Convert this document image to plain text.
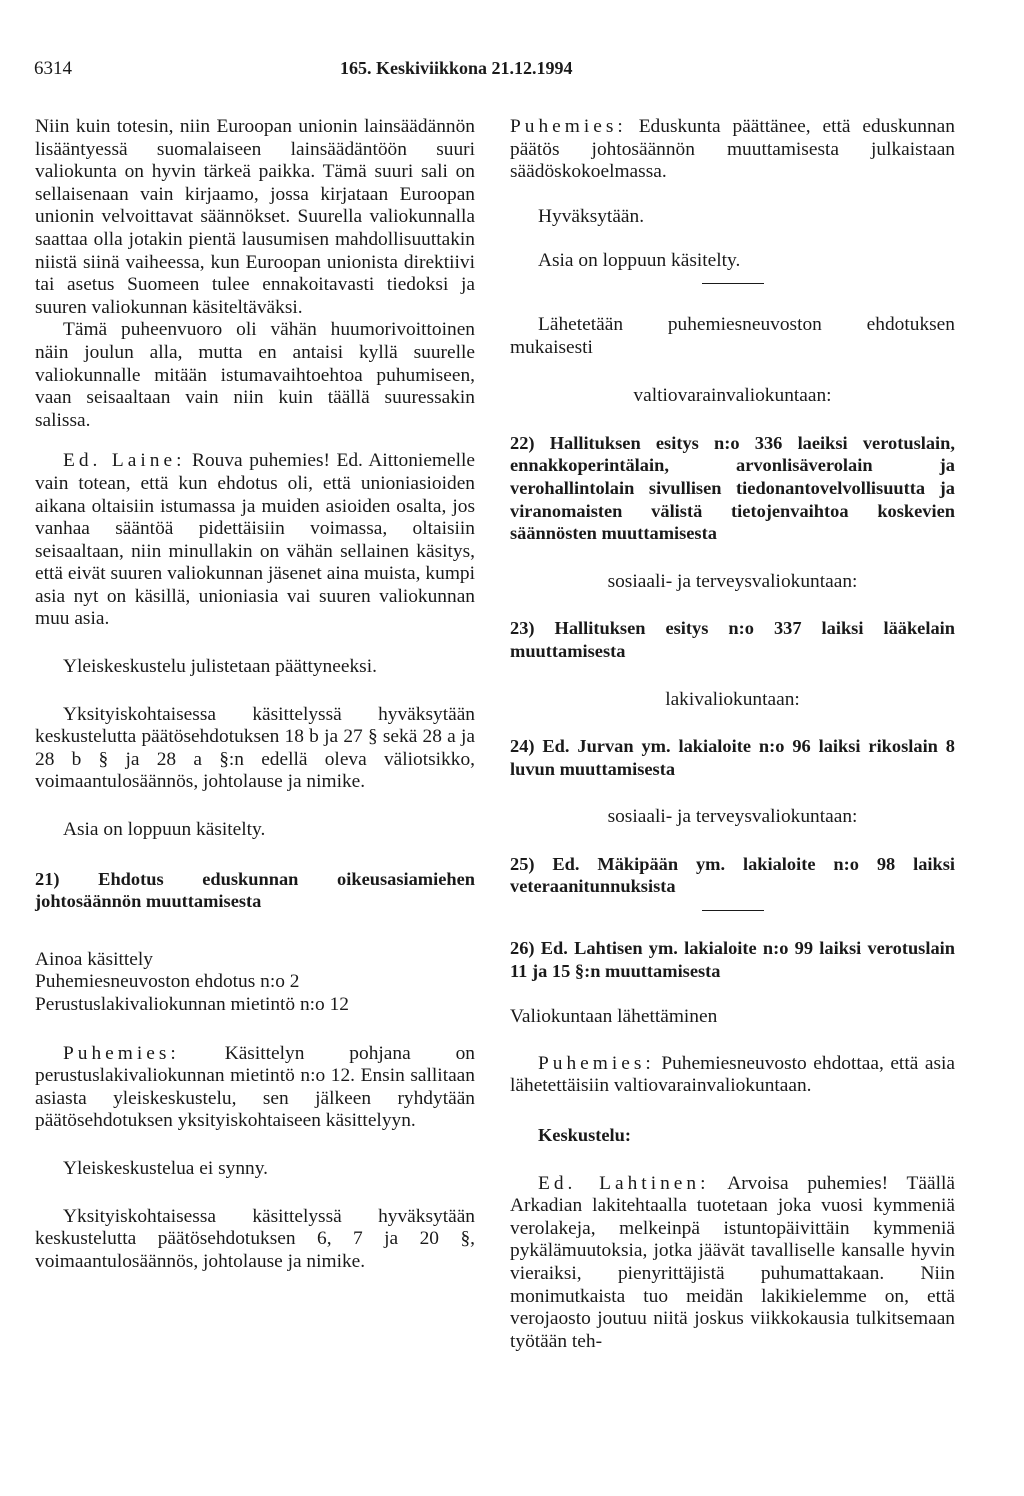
6314	165. Keskiviikkona 21.12.1994

Niin kuin totesin, niin Euroopan unionin lainsäädännön lisääntyessä suomalaiseen lainsäädäntöön suuri valiokunta on hyvin tärkeä paikka. Tämä suuri sali on sellaisenaan vain kirjaamo, jossa kirjataan Euroopan unionin velvoittavat säännökset. Suurella valiokunnalla saattaa olla jotakin pientä lausumisen mahdollisuuttakin niistä siinä vaiheessa, kun Euroopan unionista direktiivi tai asetus Suomeen tulee ennakoitavasti tiedoksi ja suuren valiokunnan käsiteltäväksi.

Tämä puheenvuoro oli vähän huumorivoittoinen näin joulun alla, mutta en antaisi kyllä suurelle valiokunnalle mitään istumavaihtoehtoa puhumiseen, vaan seisaaltaan vain niin kuin täällä suuressakin salissa.

Ed. Laine: Rouva puhemies! Ed. Aittoniemelle vain totean, että kun ehdotus oli, että unioniasioiden aikana oltaisiin istumassa ja muiden asioiden osalta, jos vanhaa sääntöä pidettäisiin voimassa, oltaisiin seisaaltaan, niin minullakin on vähän sellainen käsitys, että eivät suuren valiokunnan jäsenet aina muista, kumpi asia nyt on käsillä, unioniasia vai suuren valiokunnan muu asia.

Yleiskeskustelu julistetaan päättyneeksi.

Yksityiskohtaisessa käsittelyssä hyväksytään keskustelutta päätösehdotuksen 18 b ja 27 § sekä 28 a ja 28 b § ja 28 a §:n edellä oleva väliotsikko, voimaantulosäännös, johtolause ja nimike.

Asia on loppuun käsitelty.

21) Ehdotus eduskunnan oikeusasiamiehen johtosäännön muuttamisesta

Ainoa käsittely

Puhemiesneuvoston ehdotus n:o 2

Perustuslakivaliokunnan mietintö n:o 12

Puhemies: Käsittelyn pohjana on perustuslakivaliokunnan mietintö n:o 12. Ensin sallitaan asiasta yleiskeskustelu, sen jälkeen ryhdytään päätösehdotuksen yksityiskohtaiseen käsittelyyn.

Yleiskeskustelua ei synny.

Yksityiskohtaisessa käsittelyssä hyväksytään keskustelutta päätösehdotuksen 6, 7 ja 20 §, voimaantulosäännös, johtolause ja nimike.

Puhemies: Eduskunta päättänee, että eduskunnan päätös johtosäännön muuttamisesta julkaistaan säädöskokoelmassa.

Hyväksytään.

Asia on loppuun käsitelty.

Lähetetään puhemiesneuvoston ehdotuksen mukaisesti

valtiovarainvaliokuntaan:

22) Hallituksen esitys n:o 336 laeiksi verotuslain, ennakkoperintälain, arvonlisäverolain ja verohallintolain sivullisen tiedonantovelvollisuutta ja viranomaisten välistä tietojenvaihtoa koskevien säännösten muuttamisesta

sosiaali- ja terveysvaliokuntaan:

23) Hallituksen esitys n:o 337 laiksi lääkelain muuttamisesta

lakivaliokuntaan:

24) Ed. Jurvan ym. lakialoite n:o 96 laiksi rikoslain 8 luvun muuttamisesta

sosiaali- ja terveysvaliokuntaan:

25) Ed. Mäkipään ym. lakialoite n:o 98 laiksi veteraanitunnuksista

26) Ed. Lahtisen ym. lakialoite n:o 99 laiksi verotuslain 11 ja 15 §:n muuttamisesta

Valiokuntaan lähettäminen

Puhemies: Puhemiesneuvosto ehdottaa, että asia lähetettäisiin valtiovarainvaliokuntaan.

Keskustelu:

Ed. Lahtinen: Arvoisa puhemies! Täällä Arkadian lakitehtaalla tuotetaan joka vuosi kymmeniä verolakeja, melkeinpä istuntopäivittäin kymmeniä pykälämuutoksia, jotka jäävät tavalliselle kansalle hyvin vieraiksi, pienyrittäjistä puhumattakaan. Niin monimutkaista tuo meidän lakikielemme on, että verojaosto joutuu niitä joskus viikkokausia tulkitsemaan työtään teh-
